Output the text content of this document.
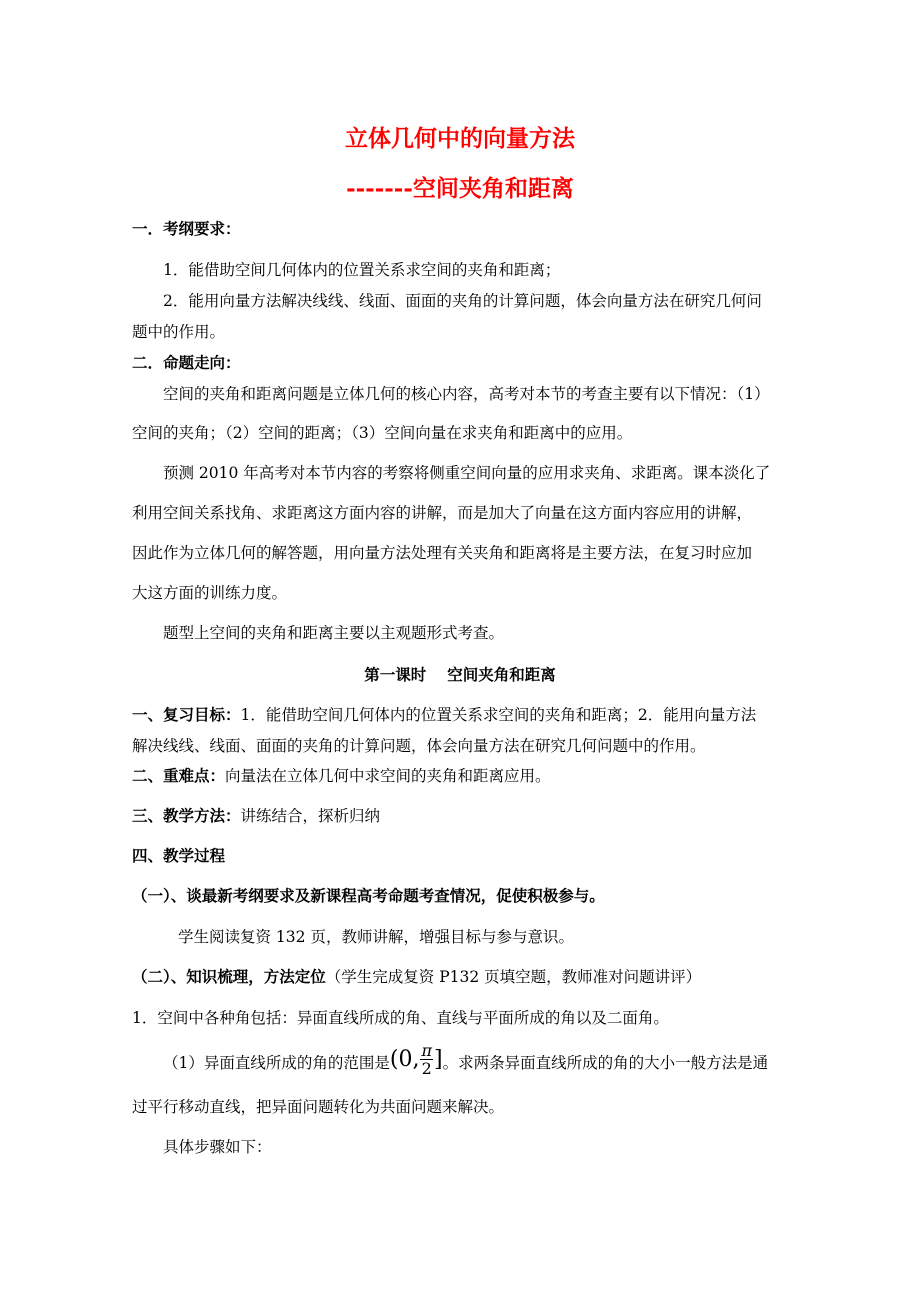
立体几何中的向量方法
-------空间夹角和距离
一．考纲要求：
1．能借助空间几何体内的位置关系求空间的夹角和距离；
2．能用向量方法解决线线、线面、面面的夹角的计算问题，体会向量方法在研究几何问
题中的作用。
二．命题走向：
空间的夹角和距离问题是立体几何的核心内容，高考对本节的考查主要有以下情况：（1）
空间的夹角；（2）空间的距离；（3）空间向量在求夹角和距离中的应用。
预测 2010 年高考对本节内容的考察将侧重空间向量的应用求夹角、求距离。课本淡化了
利用空间关系找角、求距离这方面内容的讲解，而是加大了向量在这方面内容应用的讲解，
因此作为立体几何的解答题，用向量方法处理有关夹角和距离将是主要方法，在复习时应加
大这方面的训练力度。
题型上空间的夹角和距离主要以主观题形式考查。
第一课时　 空间夹角和距离
一、复习目标：1．能借助空间几何体内的位置关系求空间的夹角和距离；2．能用向量方法
解决线线、线面、面面的夹角的计算问题，体会向量方法在研究几何问题中的作用。
二、重难点：向量法在立体几何中求空间的夹角和距离应用。
三、教学方法：讲练结合，探析归纳
四、教学过程
（一）、谈最新考纲要求及新课程高考命题考查情况，促使积极参与。
学生阅读复资 132 页，教师讲解，增强目标与参与意识。
（二）、知识梳理，方法定位（学生完成复资 P132 页填空题，教师准对问题讲评）
1．空间中各种角包括：异面直线所成的角、直线与平面所成的角以及二面角。
（1）异面直线所成的角的范围是(0, $\frac{\pi}{2}$ ]。求两条异面直线所成的角的大小一般方法是通
过平行移动直线，把异面问题转化为共面问题来解决。
具体步骤如下：
